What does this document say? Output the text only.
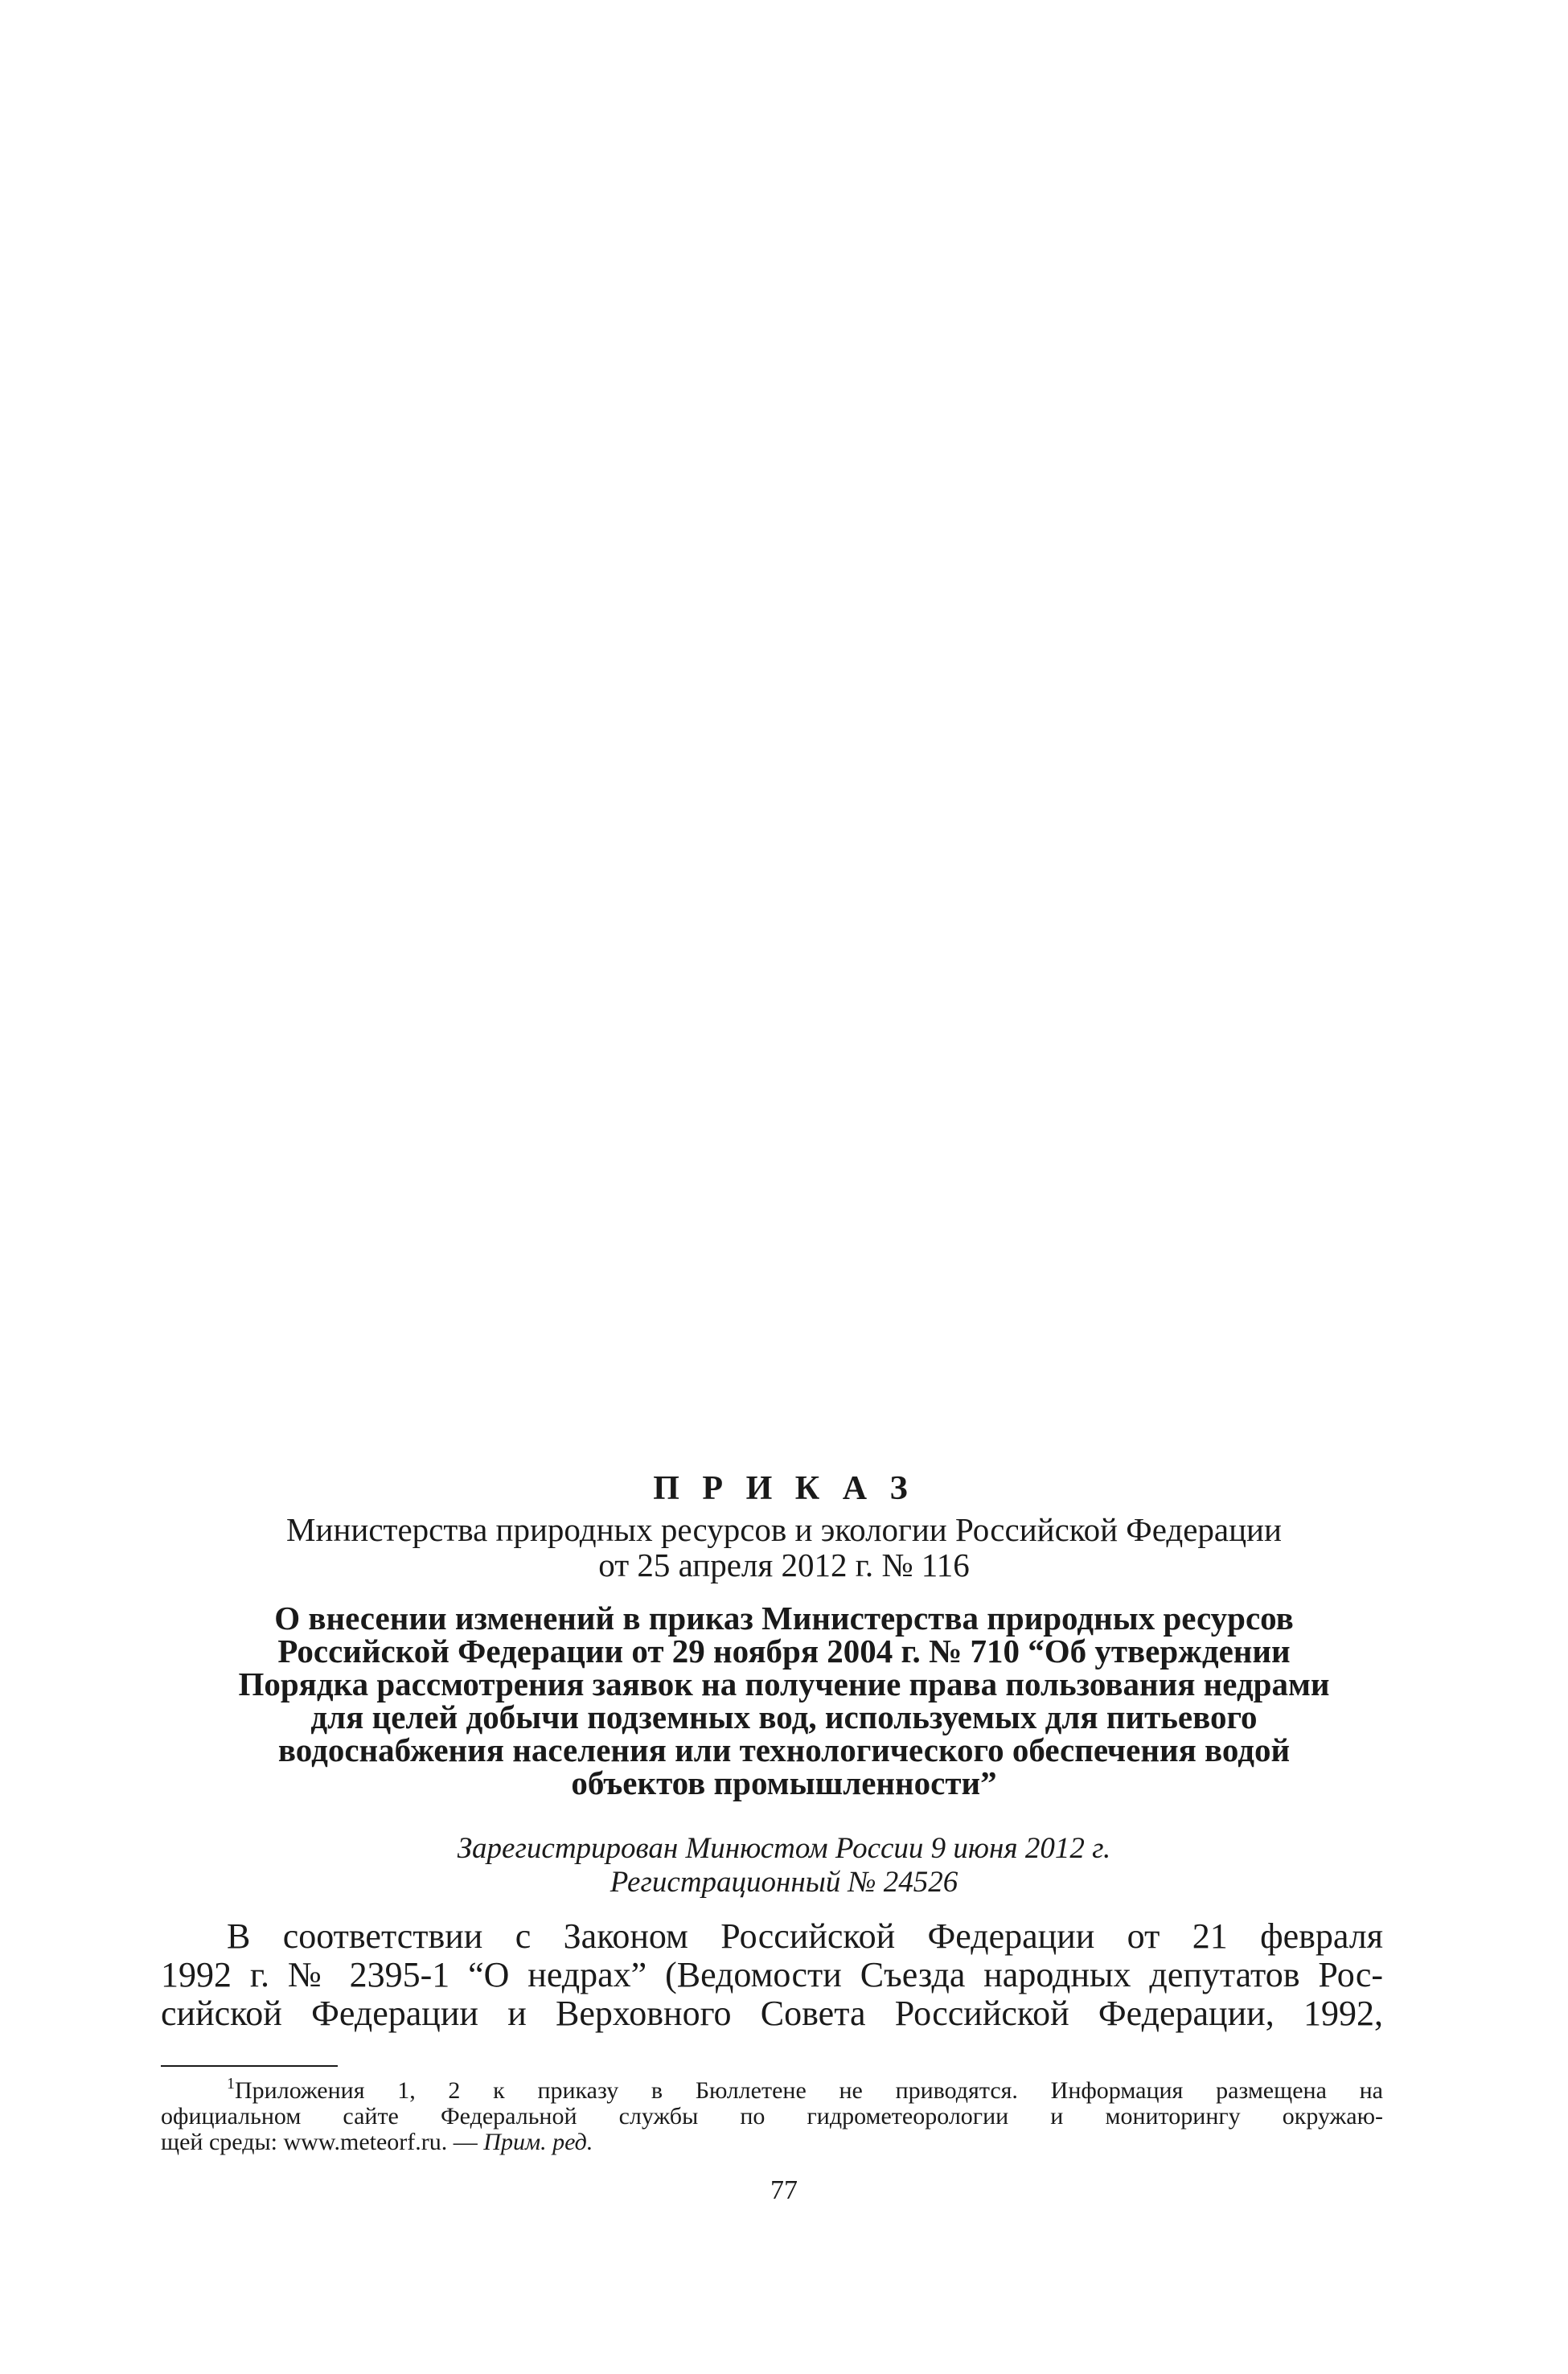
П Р И К А З
Министерства природных ресурсов и экологии Российской Федерации
от 25 апреля 2012 г. № 116
О внесении изменений в приказ Министерства природных ресурсов
Российской Федерации от 29 ноября 2004 г. № 710 “Об утверждении
Порядка рассмотрения заявок на получение права пользования недрами
для целей добычи подземных вод, используемых для питьевого
водоснабжения населения или технологического обеспечения водой
объектов промышленности”
Зарегистрирован Минюстом России 9 июня 2012 г.
Регистрационный № 24526
В соответствии с Законом Российской Федерации от 21 февраля
1992 г. № 2395-1 “О недрах” (Ведомости Съезда народных депутатов Рос-
сийской Федерации и Верховного Совета Российской Федерации, 1992,
$^1$Приложения 1, 2 к приказу в Бюллетене не приводятся. Информация размещена на
официальном сайте Федеральной службы по гидрометеорологии и мониторингу окружаю-
щей среды: www.meteorf.ru. — Прим. ред.
77
